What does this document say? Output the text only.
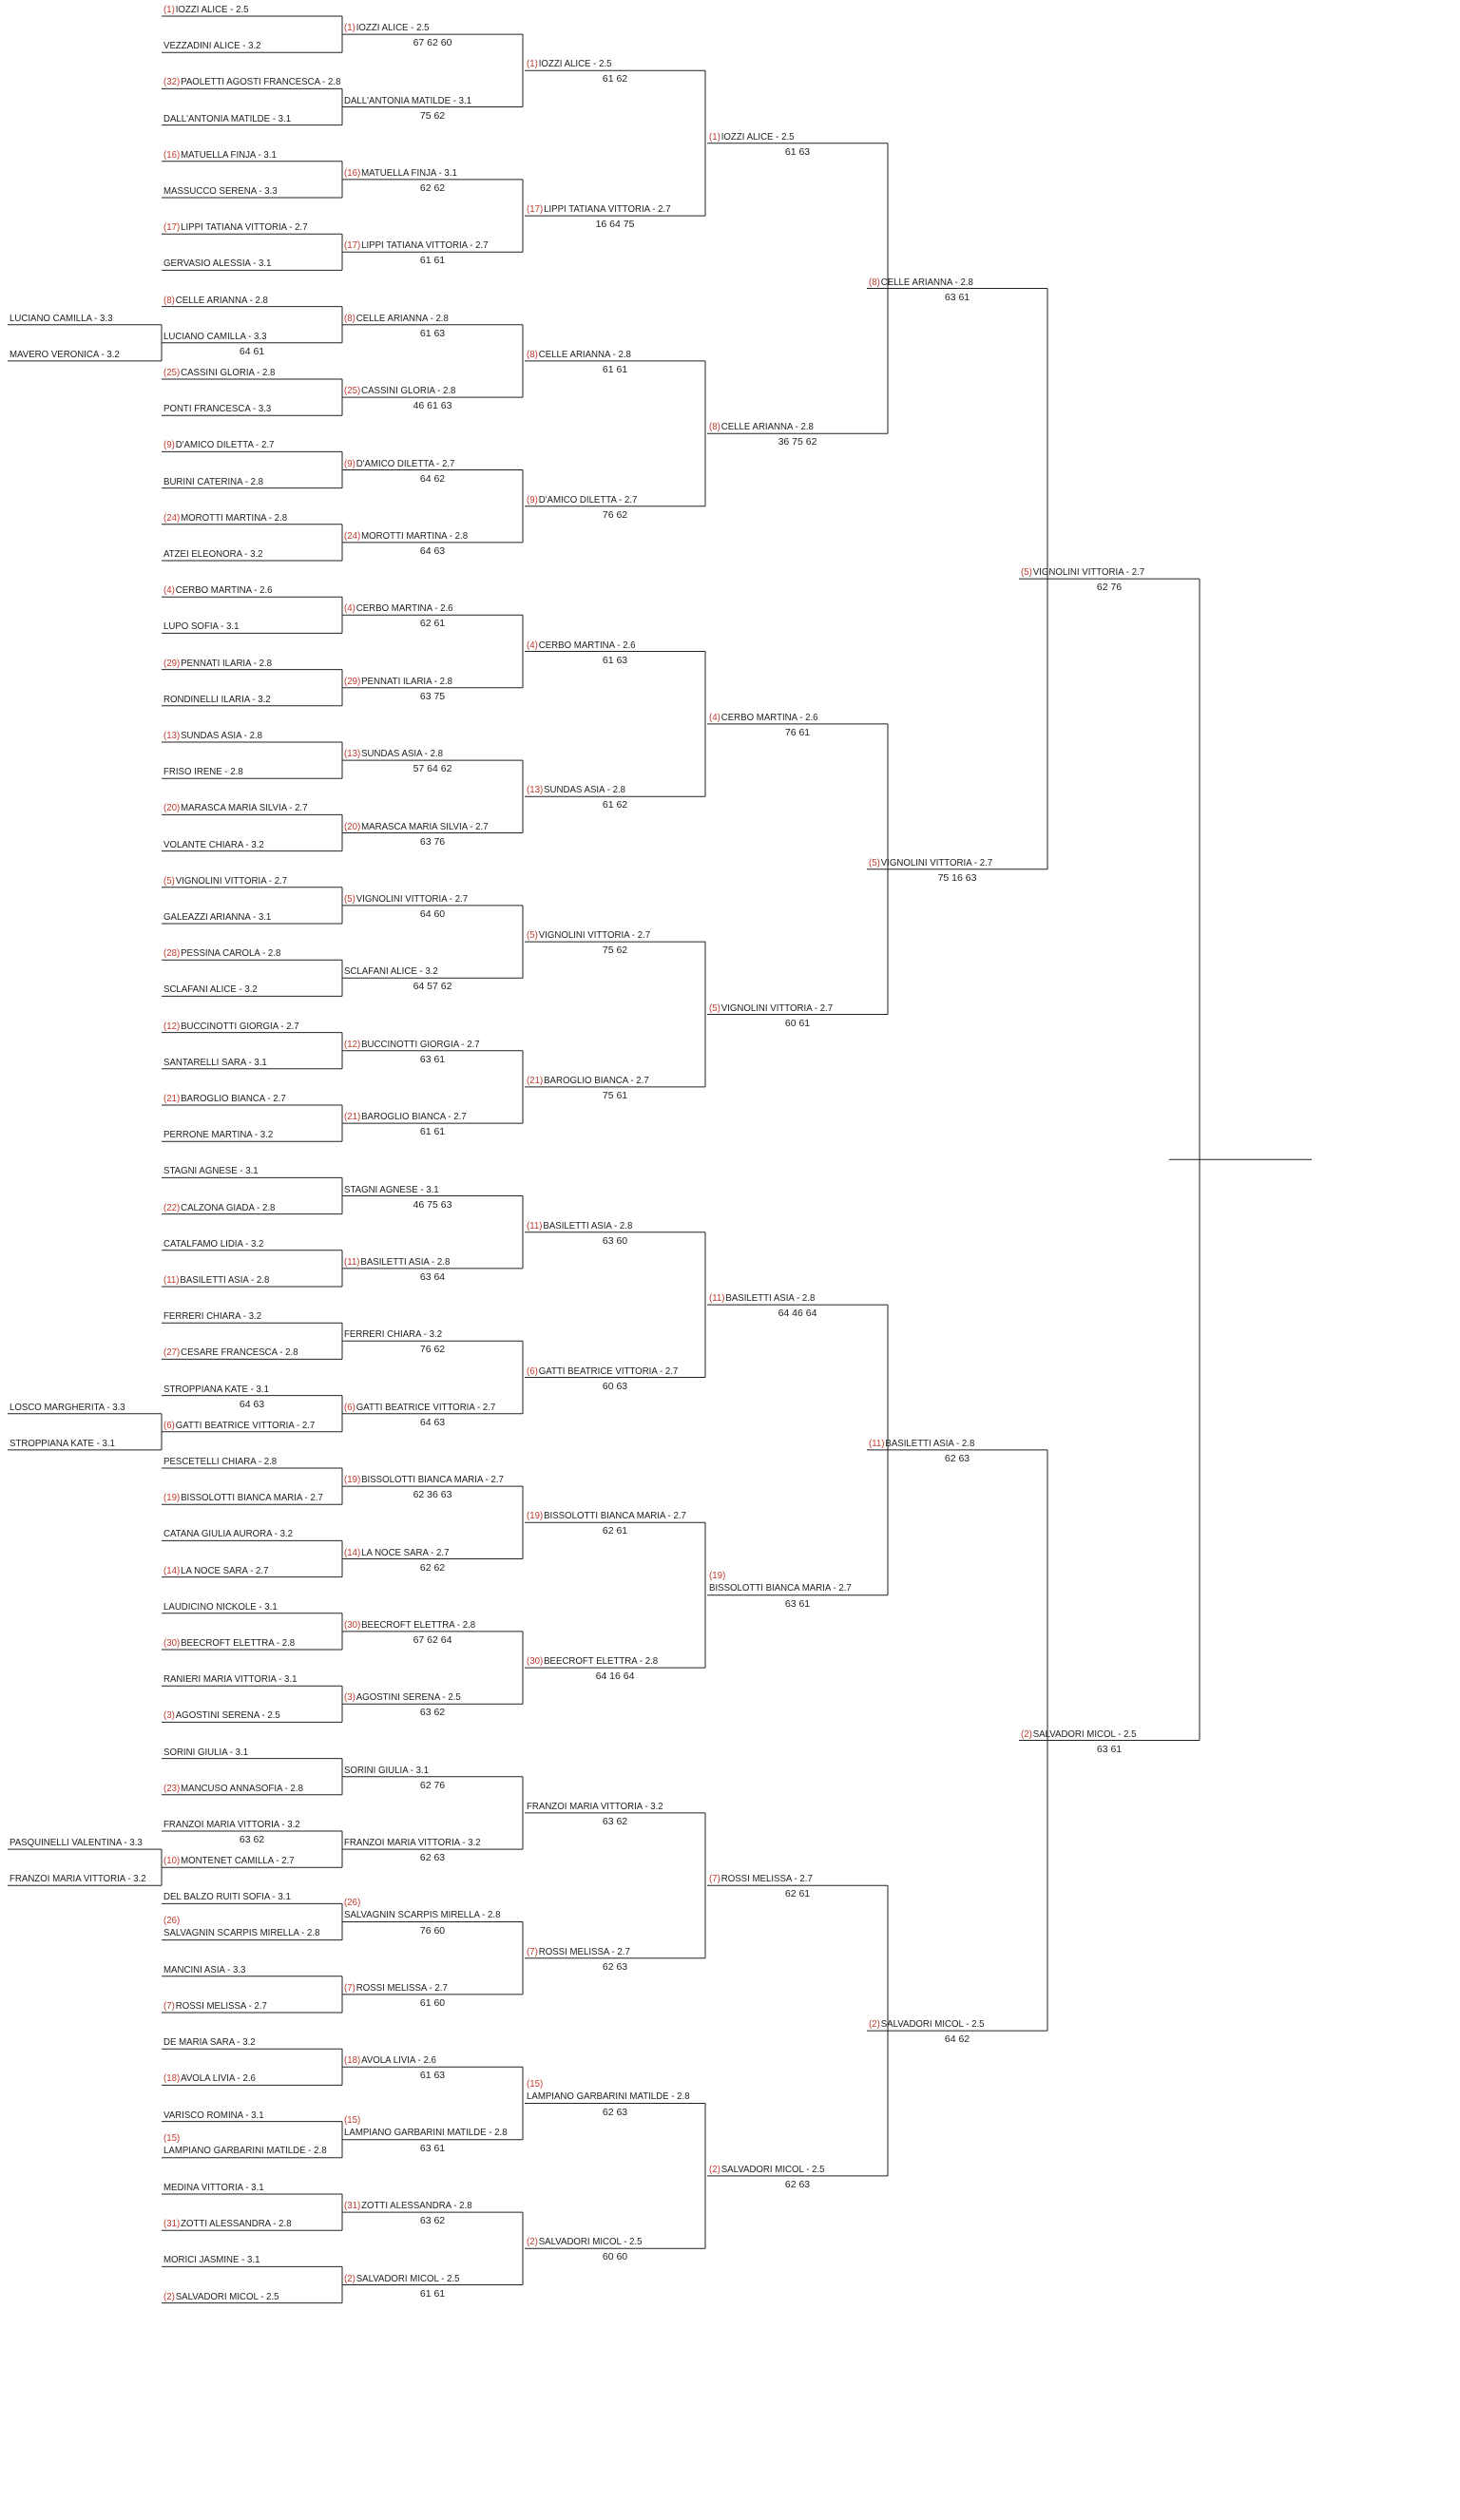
(1)IOZZI ALICE - 2.5
VEZZADINI ALICE - 3.2
(32)PAOLETTI AGOSTI FRANCESCA - 2.8
DALL'ANTONIA MATILDE - 3.1
(16)MATUELLA FINJA - 3.1
MASSUCCO SERENA - 3.3
(17)LIPPI TATIANA VITTORIA - 2.7
GERVASIO ALESSIA - 3.1
(8)CELLE ARIANNA - 2.8
LUCIANO CAMILLA - 3.3
64 61
(25)CASSINI GLORIA - 2.8
PONTI FRANCESCA - 3.3
(9)D'AMICO DILETTA - 2.7
BURINI CATERINA - 2.8
(24)MOROTTI MARTINA - 2.8
ATZEI ELEONORA - 3.2
(4)CERBO MARTINA - 2.6
LUPO SOFIA - 3.1
(29)PENNATI ILARIA - 2.8
RONDINELLI ILARIA - 3.2
(13)SUNDAS ASIA - 2.8
FRISO IRENE - 2.8
(20)MARASCA MARIA SILVIA - 2.7
VOLANTE CHIARA - 3.2
(5)VIGNOLINI VITTORIA - 2.7
GALEAZZI ARIANNA - 3.1
(28)PESSINA CAROLA - 2.8
SCLAFANI ALICE - 3.2
(12)BUCCINOTTI GIORGIA - 2.7
SANTARELLI SARA - 3.1
(21)BAROGLIO BIANCA - 2.7
PERRONE MARTINA - 3.2
STAGNI AGNESE - 3.1
(22)CALZONA GIADA - 2.8
CATALFAMO LIDIA - 3.2
(11)BASILETTI ASIA - 2.8
FERRERI CHIARA - 3.2
(27)CESARE FRANCESCA - 2.8
STROPPIANA KATE - 3.1
64 63
(6)GATTI BEATRICE VITTORIA - 2.7
PESCETELLI CHIARA - 2.8
(19)BISSOLOTTI BIANCA MARIA - 2.7
CATANA GIULIA AURORA - 3.2
(14)LA NOCE SARA - 2.7
LAUDICINO NICKOLE - 3.1
(30)BEECROFT ELETTRA - 2.8
RANIERI MARIA VITTORIA - 3.1
(3)AGOSTINI SERENA - 2.5
SORINI GIULIA - 3.1
(23)MANCUSO ANNASOFIA - 2.8
FRANZOI MARIA VITTORIA - 3.2
63 62
(10)MONTENET CAMILLA - 2.7
DEL BALZO RUITI SOFIA - 3.1
(26)
SALVAGNIN SCARPIS MIRELLA - 2.8
MANCINI ASIA - 3.3
(7)ROSSI MELISSA - 2.7
DE MARIA SARA - 3.2
(18)AVOLA LIVIA - 2.6
VARISCO ROMINA - 3.1
(15)
LAMPIANO GARBARINI MATILDE - 2.8
MEDINA VITTORIA - 3.1
(31)ZOTTI ALESSANDRA - 2.8
MORICI JASMINE - 3.1
(2)SALVADORI MICOL - 2.5
(1)IOZZI ALICE - 2.5
67 62 60
DALL'ANTONIA MATILDE - 3.1
75 62
(16)MATUELLA FINJA - 3.1
62 62
(17)LIPPI TATIANA VITTORIA - 2.7
61 61
(8)CELLE ARIANNA - 2.8
61 63
(25)CASSINI GLORIA - 2.8
46 61 63
(9)D'AMICO DILETTA - 2.7
64 62
(24)MOROTTI MARTINA - 2.8
64 63
(4)CERBO MARTINA - 2.6
62 61
(29)PENNATI ILARIA - 2.8
63 75
(13)SUNDAS ASIA - 2.8
57 64 62
(20)MARASCA MARIA SILVIA - 2.7
63 76
(5)VIGNOLINI VITTORIA - 2.7
64 60
SCLAFANI ALICE - 3.2
64 57 62
(12)BUCCINOTTI GIORGIA - 2.7
63 61
(21)BAROGLIO BIANCA - 2.7
61 61
STAGNI AGNESE - 3.1
46 75 63
(11)BASILETTI ASIA - 2.8
63 64
FERRERI CHIARA - 3.2
76 62
(6)GATTI BEATRICE VITTORIA - 2.7
64 63
(19)BISSOLOTTI BIANCA MARIA - 2.7
62 36 63
(14)LA NOCE SARA - 2.7
62 62
(30)BEECROFT ELETTRA - 2.8
67 62 64
(3)AGOSTINI SERENA - 2.5
63 62
SORINI GIULIA - 3.1
62 76
FRANZOI MARIA VITTORIA - 3.2
62 63
(26)
SALVAGNIN SCARPIS MIRELLA - 2.8
76 60
(7)ROSSI MELISSA - 2.7
61 60
(18)AVOLA LIVIA - 2.6
61 63
(15)
LAMPIANO GARBARINI MATILDE - 2.8
63 61
(31)ZOTTI ALESSANDRA - 2.8
63 62
(2)SALVADORI MICOL - 2.5
61 61
(1)IOZZI ALICE - 2.5
61 62
(17)LIPPI TATIANA VITTORIA - 2.7
16 64 75
(8)CELLE ARIANNA - 2.8
61 61
(9)D'AMICO DILETTA - 2.7
76 62
(4)CERBO MARTINA - 2.6
61 63
(13)SUNDAS ASIA - 2.8
61 62
(5)VIGNOLINI VITTORIA - 2.7
75 62
(21)BAROGLIO BIANCA - 2.7
75 61
(11)BASILETTI ASIA - 2.8
63 60
(6)GATTI BEATRICE VITTORIA - 2.7
60 63
(19)BISSOLOTTI BIANCA MARIA - 2.7
62 61
(30)BEECROFT ELETTRA - 2.8
64 16 64
FRANZOI MARIA VITTORIA - 3.2
63 62
(7)ROSSI MELISSA - 2.7
62 63
(15)
LAMPIANO GARBARINI MATILDE - 2.8
62 63
(2)SALVADORI MICOL - 2.5
60 60
(1)IOZZI ALICE - 2.5
61 63
(8)CELLE ARIANNA - 2.8
36 75 62
(4)CERBO MARTINA - 2.6
76 61
(5)VIGNOLINI VITTORIA - 2.7
60 61
(11)BASILETTI ASIA - 2.8
64 46 64
(19)
BISSOLOTTI BIANCA MARIA - 2.7
63 61
(7)ROSSI MELISSA - 2.7
62 61
(2)SALVADORI MICOL - 2.5
62 63
(8)CELLE ARIANNA - 2.8
63 61
(5)VIGNOLINI VITTORIA - 2.7
75 16 63
(11)BASILETTI ASIA - 2.8
62 63
(2)SALVADORI MICOL - 2.5
64 62
(5)VIGNOLINI VITTORIA - 2.7
62 76
(2)SALVADORI MICOL - 2.5
63 61
LUCIANO CAMILLA - 3.3
MAVERO VERONICA - 3.2
LOSCO MARGHERITA - 3.3
STROPPIANA KATE - 3.1
PASQUINELLI VALENTINA - 3.3
FRANZOI MARIA VITTORIA - 3.2
